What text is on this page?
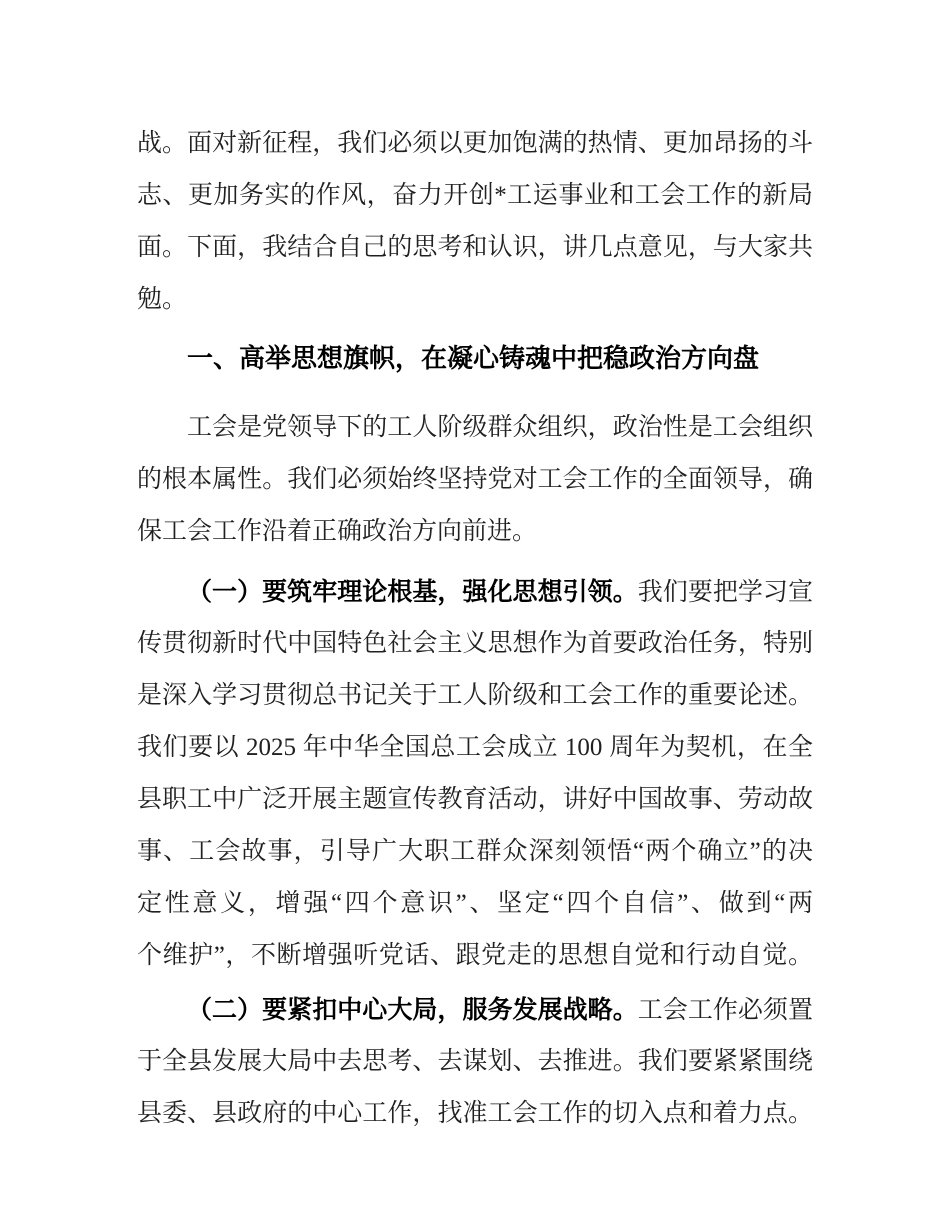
战。面对新征程，我们必须以更加饱满的热情、更加昂扬的斗
志、更加务实的作风，奋力开创*工运事业和工会工作的新局
面。下面，我结合自己的思考和认识，讲几点意见，与大家共
勉。
一、高举思想旗帜，在凝心铸魂中把稳政治方向盘
工会是党领导下的工人阶级群众组织，政治性是工会组织
的根本属性。我们必须始终坚持党对工会工作的全面领导，确
保工会工作沿着正确政治方向前进。
（一）要筑牢理论根基，强化思想引领。我们要把学习宣
传贯彻新时代中国特色社会主义思想作为首要政治任务，特别
是深入学习贯彻总书记关于工人阶级和工会工作的重要论述。
我们要以 2025 年中华全国总工会成立 100 周年为契机，在全
县职工中广泛开展主题宣传教育活动，讲好中国故事、劳动故
事、工会故事，引导广大职工群众深刻领悟“两个确立”的决
定性意义，增强“四个意识”、坚定“四个自信”、做到“两
个维护”，不断增强听党话、跟党走的思想自觉和行动自觉。
（二）要紧扣中心大局，服务发展战略。工会工作必须置
于全县发展大局中去思考、去谋划、去推进。我们要紧紧围绕
县委、县政府的中心工作，找准工会工作的切入点和着力点。
